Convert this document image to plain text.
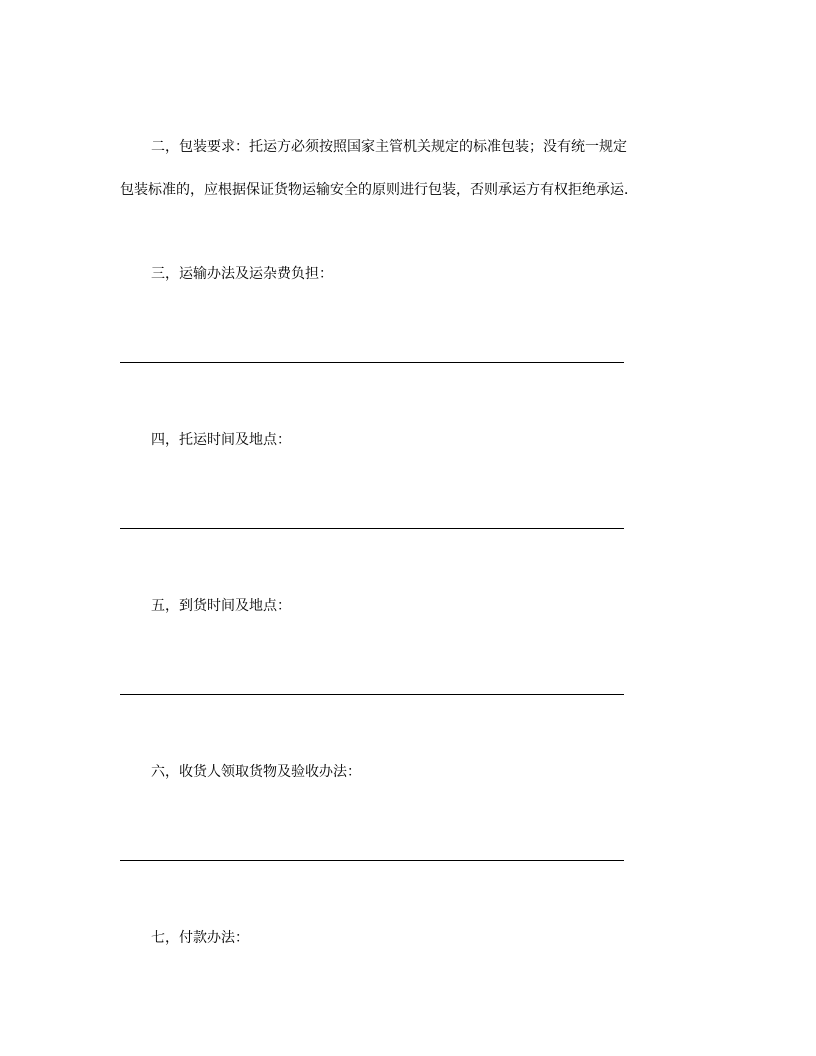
二，包装要求：托运方必须按照国家主管机关规定的标准包装；没有统一规定

包装标准的，应根据保证货物运输安全的原则进行包装，否则承运方有权拒绝承运．

三，运输办法及运杂费负担：

四，托运时间及地点：

五，到货时间及地点：

六，收货人领取货物及验收办法：

七，付款办法：
